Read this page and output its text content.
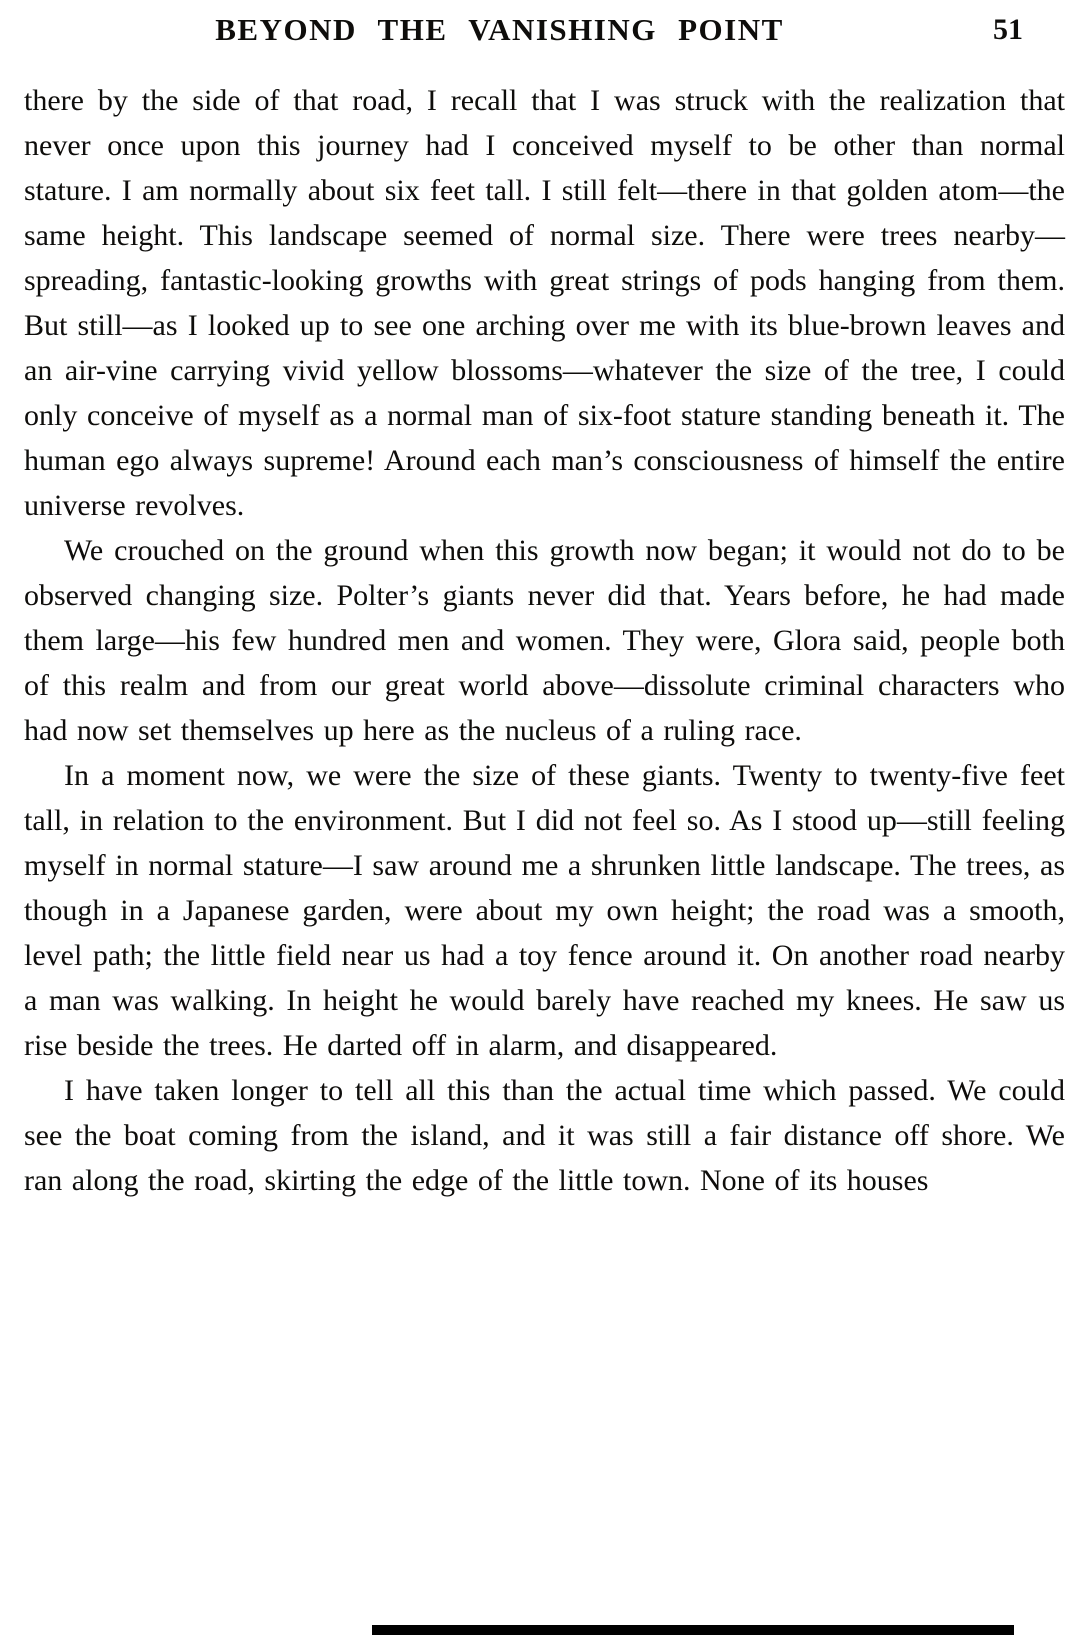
BEYOND THE VANISHING POINT	51

there by the side of that road, I recall that I was struck with the realization that never once upon this journey had I conceived myself to be other than normal stature. I am normally about six feet tall. I still felt—there in that golden atom—the same height. This landscape seemed of normal size. There were trees nearby—spreading, fantastic-looking growths with great strings of pods hanging from them. But still—as I looked up to see one arching over me with its blue-brown leaves and an air-vine carrying vivid yellow blossoms—whatever the size of the tree, I could only conceive of myself as a normal man of six-foot stature standing beneath it. The human ego always supreme! Around each man’s consciousness of himself the entire universe revolves.

We crouched on the ground when this growth now began; it would not do to be observed changing size. Polter’s giants never did that. Years before, he had made them large—his few hundred men and women. They were, Glora said, people both of this realm and from our great world above—dissolute criminal characters who had now set themselves up here as the nucleus of a ruling race.

In a moment now, we were the size of these giants. Twenty to twenty-five feet tall, in relation to the environment. But I did not feel so. As I stood up—still feeling myself in normal stature—I saw around me a shrunken little landscape. The trees, as though in a Japanese garden, were about my own height; the road was a smooth, level path; the little field near us had a toy fence around it. On another road nearby a man was walking. In height he would barely have reached my knees. He saw us rise beside the trees. He darted off in alarm, and disappeared.

I have taken longer to tell all this than the actual time which passed. We could see the boat coming from the island, and it was still a fair distance off shore. We ran along the road, skirting the edge of the little town. None of its houses
